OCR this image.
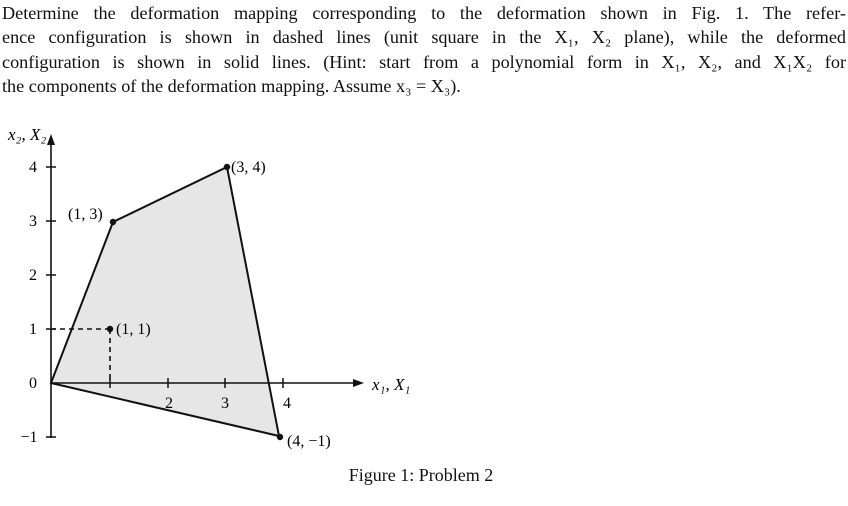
Determine the deformation mapping corresponding to the deformation shown in Fig. 1. The refer-
ence configuration is shown in dashed lines (unit square in the X₁, X₂ plane), while the deformed
configuration is shown in solid lines. (Hint: start from a polynomial form in X₁, X₂, and X₁X₂ for
the components of the deformation mapping. Assume x₃ = X₃).

4
3
2
1
0
−1
2	3	4
x₂, X₂
x₁, X₁
(3, 4)
(1, 3)
(1, 1)
(4, −1)
Figure 1: Problem 2
